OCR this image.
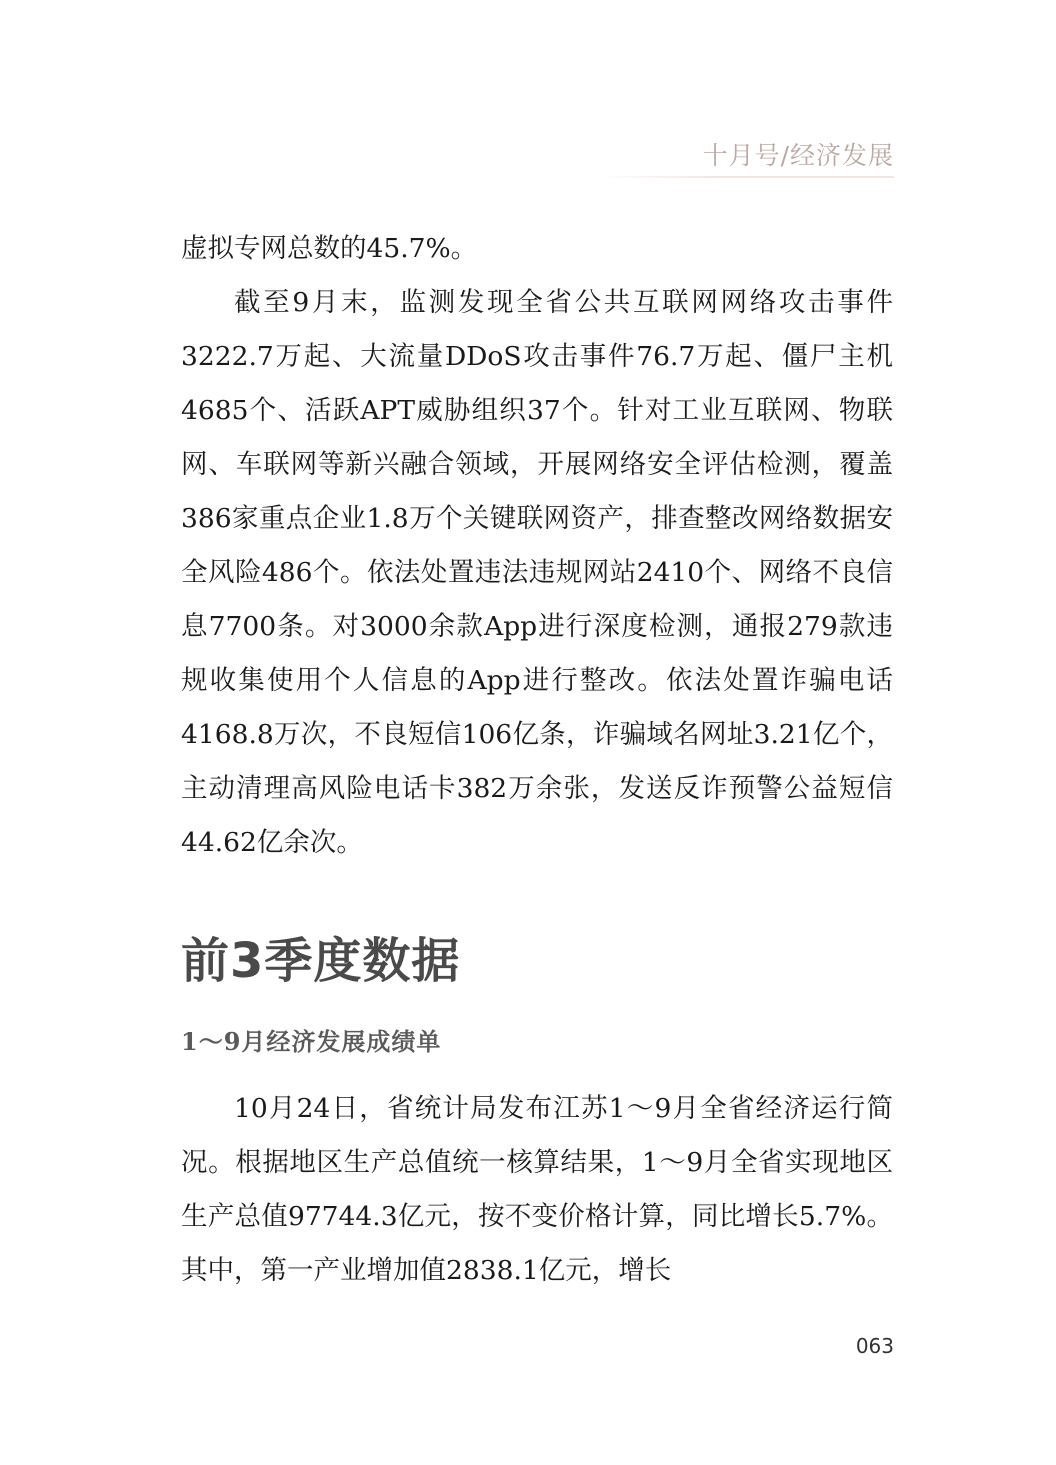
十月号/经济发展

虚拟专网总数的45.7%。

截至9月末，监测发现全省公共互联网网络攻击事件3222.7万起、大流量DDoS攻击事件76.7万起、僵尸主机4685个、活跃APT威胁组织37个。针对工业互联网、物联网、车联网等新兴融合领域，开展网络安全评估检测，覆盖386家重点企业1.8万个关键联网资产，排查整改网络数据安全风险486个。依法处置违法违规网站2410个、网络不良信息7700条。对3000余款App进行深度检测，通报279款违规收集使用个人信息的App进行整改。依法处置诈骗电话4168.8万次，不良短信106亿条，诈骗域名网址3.21亿个，主动清理高风险电话卡382万余张，发送反诈预警公益短信44.62亿余次。

前3季度数据
1～9月经济发展成绩单

10月24日，省统计局发布江苏1～9月全省经济运行简况。根据地区生产总值统一核算结果，1～9月全省实现地区生产总值97744.3亿元，按不变价格计算，同比增长5.7%。其中，第一产业增加值2838.1亿元，增长

063
